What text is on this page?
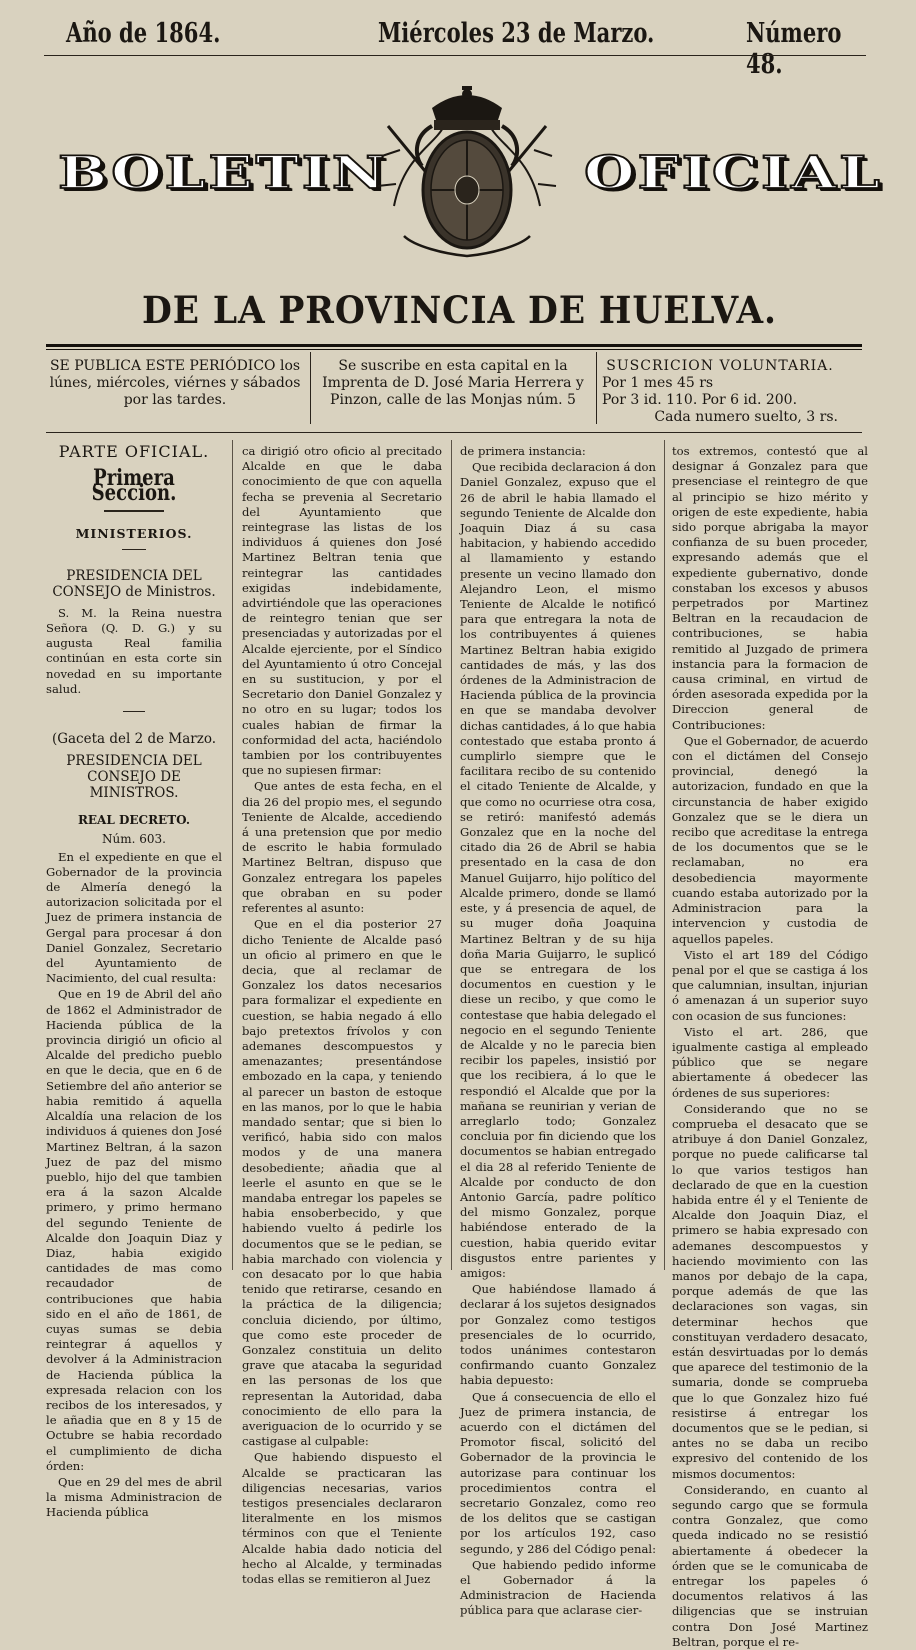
Año de 1864.	Miércoles 23 de Marzo.	Número 48.
BOLETIN	OFICIAL
DE LA PROVINCIA DE HUELVA.
SE PUBLICA ESTE PERIÓDICO los lúnes, miércoles, viérnes y sábados por las tardes.
Se suscribe en esta capital en la Imprenta de D. José Maria Herrera y Pinzon, calle de las Monjas núm. 5
SUSCRICION VOLUNTARIA.
Por 1 mes 45 rs
Por 3 id. 110. Por 6 id. 200.
Cada numero suelto, 3 rs.

PARTE OFICIAL.

Primera Seccion.

MINISTERIOS.

PRESIDENCIA DEL CONSEJO de Ministros.

S. M. la Reina nuestra Señora (Q. D. G.) y su augusta Real familia continúan en esta corte sin novedad en su importante salud.

(Gaceta del 2 de Marzo.

PRESIDENCIA DEL CONSEJO DE MINISTROS.

REAL DECRETO.

Núm. 603.

En el expediente en que el Gobernador de la provincia de Almería denegó la autorizacion solicitada por el Juez de primera instancia de Gergal para procesar á don Daniel Gonzalez, Secretario del Ayuntamiento de Nacimiento, del cual resulta:

Que en 19 de Abril del año de 1862 el Administrador de Hacienda pública de la provincia dirigió un oficio al Alcalde del predicho pueblo en que le decia, que en 6 de Setiembre del año anterior se habia remitido á aquella Alcaldía una relacion de los individuos á quienes don José Martinez Beltran, á la sazon Juez de paz del mismo pueblo, hijo del que tambien era á la sazon Alcalde primero, y primo hermano del segundo Teniente de Alcalde don Joaquin Diaz y Diaz, habia exigido cantidades de mas como recaudador de contribuciones que habia sido en el año de 1861, de cuyas sumas se debia reintegrar á aquellos y devolver á la Administracion de Hacienda pública la expresada relacion con los recibos de los interesados, y le añadia que en 8 y 15 de Octubre se habia recordado el cumplimiento de dicha órden:

Que en 29 del mes de abril la misma Administracion de Hacienda pública

ca dirigió otro oficio al precitado Alcalde en que le daba conocimiento de que con aquella fecha se prevenia al Secretario del Ayuntamiento que reintegrase las listas de los individuos á quienes don José Martinez Beltran tenia que reintegrar las cantidades exigidas indebidamente, advirtiéndole que las operaciones de reintegro tenian que ser presenciadas y autorizadas por el Alcalde ejerciente, por el Síndico del Ayuntamiento ú otro Concejal en su sustitucion, y por el Secretario don Daniel Gonzalez y no otro en su lugar; todos los cuales habian de firmar la conformidad del acta, haciéndolo tambien por los contribuyentes que no supiesen firmar:

Que antes de esta fecha, en el dia 26 del propio mes, el segundo Teniente de Alcalde, accediendo á una pretension que por medio de escrito le habia formulado Martinez Beltran, dispuso que Gonzalez entregara los papeles que obraban en su poder referentes al asunto:

Que en el dia posterior 27 dicho Teniente de Alcalde pasó un oficio al primero en que le decia, que al reclamar de Gonzalez los datos necesarios para formalizar el expediente en cuestion, se habia negado á ello bajo pretextos frívolos y con ademanes descompuestos y amenazantes; presentándose embozado en la capa, y teniendo al parecer un baston de estoque en las manos, por lo que le habia mandado sentar; que si bien lo verificó, habia sido con malos modos y de una manera desobediente; añadia que al leerle el asunto en que se le mandaba entregar los papeles se habia ensoberbecido, y que habiendo vuelto á pedirle los documentos que se le pedian, se habia marchado con violencia y con desacato por lo que habia tenido que retirarse, cesando en la práctica de la diligencia; concluia diciendo, por último, que como este proceder de Gonzalez constituia un delito grave que atacaba la seguridad en las personas de los que representan la Autoridad, daba conocimiento de ello para la averiguacion de lo ocurrido y se castigase al culpable:

Que habiendo dispuesto el Alcalde se practicaran las diligencias necesarias, varios testigos presenciales declararon literalmente en los mismos términos con que el Teniente Alcalde habia dado noticia del hecho al Alcalde, y terminadas todas ellas se remitieron al Juez

de primera instancia:

Que recibida declaracion á don Daniel Gonzalez, expuso que el 26 de abril le habia llamado el segundo Teniente de Alcalde don Joaquin Diaz á su casa habitacion, y habiendo accedido al llamamiento y estando presente un vecino llamado don Alejandro Leon, el mismo Teniente de Alcalde le notificó para que entregara la nota de los contribuyentes á quienes Martinez Beltran habia exigido cantidades de más, y las dos órdenes de la Administracion de Hacienda pública de la provincia en que se mandaba devolver dichas cantidades, á lo que habia contestado que estaba pronto á cumplirlo siempre que le facilitara recibo de su contenido el citado Teniente de Alcalde, y que como no ocurriese otra cosa, se retiró: manifestó además Gonzalez que en la noche del citado dia 26 de Abril se habia presentado en la casa de don Manuel Guijarro, hijo político del Alcalde primero, donde se llamó este, y á presencia de aquel, de su muger doña Joaquina Martinez Beltran y de su hija doña Maria Guijarro, le suplicó que se entregara de los documentos en cuestion y le diese un recibo, y que como le contestase que habia delegado el negocio en el segundo Teniente de Alcalde y no le parecia bien recibir los papeles, insistió por que los recibiera, á lo que le respondió el Alcalde que por la mañana se reunirian y verian de arreglarlo todo; Gonzalez concluia por fin diciendo que los documentos se habian entregado el dia 28 al referido Teniente de Alcalde por conducto de don Antonio García, padre político del mismo Gonzalez, porque habiéndose enterado de la cuestion, habia querido evitar disgustos entre parientes y amigos:

Que habiéndose llamado á declarar á los sujetos designados por Gonzalez como testigos presenciales de lo ocurrido, todos unánimes contestaron confirmando cuanto Gonzalez habia depuesto:

Que á consecuencia de ello el Juez de primera instancia, de acuerdo con el dictámen del Promotor fiscal, solicitó del Gobernador de la provincia le autorizase para continuar los procedimientos contra el secretario Gonzalez, como reo de los delitos que se castigan por los artículos 192, caso segundo, y 286 del Código penal:

Que habiendo pedido informe el Gobernador á la Administracion de Hacienda pública para que aclarase cier-

tos extremos, contestó que al designar á Gonzalez para que presenciase el reintegro de que al principio se hizo mérito y origen de este expediente, habia sido porque abrigaba la mayor confianza de su buen proceder, expresando además que el expediente gubernativo, donde constaban los excesos y abusos perpetrados por Martinez Beltran en la recaudacion de contribuciones, se habia remitido al Juzgado de primera instancia para la formacion de causa criminal, en virtud de órden asesorada expedida por la Direccion general de Contribuciones:

Que el Gobernador, de acuerdo con el dictámen del Consejo provincial, denegó la autorizacion, fundado en que la circunstancia de haber exigido Gonzalez que se le diera un recibo que acreditase la entrega de los documentos que se le reclamaban, no era desobediencia mayormente cuando estaba autorizado por la Administracion para la intervencion y custodia de aquellos papeles.

Visto el art 189 del Código penal por el que se castiga á los que calumnian, insultan, injurian ó amenazan á un superior suyo con ocasion de sus funciones:

Visto el art. 286, que igualmente castiga al empleado público que se negare abiertamente á obedecer las órdenes de sus superiores:

Considerando que no se comprueba el desacato que se atribuye á don Daniel Gonzalez, porque no puede calificarse tal lo que varios testigos han declarado de que en la cuestion habida entre él y el Teniente de Alcalde don Joaquin Diaz, el primero se habia expresado con ademanes descompuestos y haciendo movimiento con las manos por debajo de la capa, porque además de que las declaraciones son vagas, sin determinar hechos que constituyan verdadero desacato, están desvirtuadas por lo demás que aparece del testimonio de la sumaria, donde se comprueba que lo que Gonzalez hizo fué resistirse á entregar los documentos que se le pedian, si antes no se daba un recibo expresivo del contenido de los mismos documentos:

Considerando, en cuanto al segundo cargo que se formula contra Gonzalez, que como queda indicado no se resistió abiertamente á obedecer la órden que se le comunicaba de entregar los papeles ó documentos relativos á las diligencias que se instruian contra Don José Martinez Beltran, porque el re-
